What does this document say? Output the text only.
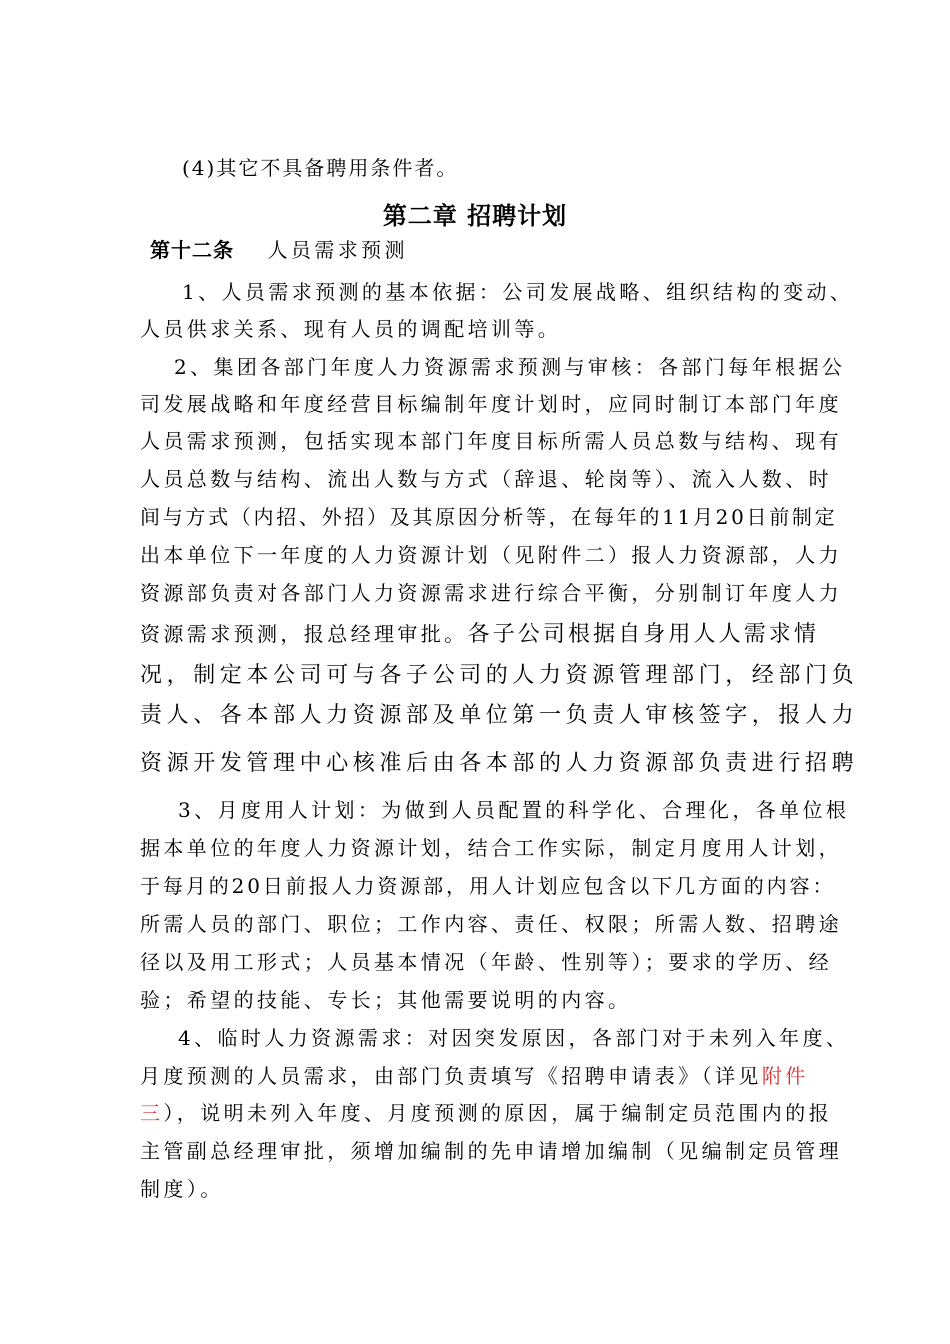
(4)其它不具备聘用条件者。
第二章 招聘计划
第十二条 人员需求预测
1、人员需求预测的基本依据：公司发展战略、组织结构的变动、
人员供求关系、现有人员的调配培训等。
2、集团各部门年度人力资源需求预测与审核：各部门每年根据公
司发展战略和年度经营目标编制年度计划时，应同时制订本部门年度
人员需求预测，包括实现本部门年度目标所需人员总数与结构、现有
人员总数与结构、流出人数与方式（辞退、轮岗等）、流入人数、时
间与方式（内招、外招）及其原因分析等，在每年的11月20日前制定
出本单位下一年度的人力资源计划（见附件二）报人力资源部，人力
资源部负责对各部门人力资源需求进行综合平衡，分别制订年度人力
资源需求预测，报总经理审批。各子公司根据自身用人人需求情
况，制定本公司可与各子公司的人力资源管理部门，经部门负
责人、各本部人力资源部及单位第一负责人审核签字，报人力
资源开发管理中心核准后由各本部的人力资源部负责进行招聘
3、月度用人计划：为做到人员配置的科学化、合理化，各单位根
据本单位的年度人力资源计划，结合工作实际，制定月度用人计划，
于每月的20日前报人力资源部，用人计划应包含以下几方面的内容：
所需人员的部门、职位；工作内容、责任、权限；所需人数、招聘途
径以及用工形式；人员基本情况（年龄、性别等）；要求的学历、经
验；希望的技能、专长；其他需要说明的内容。
4、临时人力资源需求：对因突发原因，各部门对于未列入年度、
月度预测的人员需求，由部门负责填写《招聘申请表》（详见附件
三），说明未列入年度、月度预测的原因，属于编制定员范围内的报
主管副总经理审批，须增加编制的先申请增加编制（见编制定员管理
制度）。
